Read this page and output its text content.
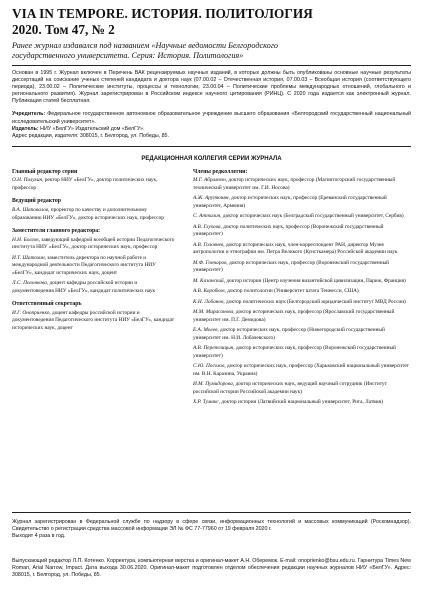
VIA IN TEMPORE. ИСТОРИЯ. ПОЛИТОЛОГИЯ
2020. Том 47, № 2

Ранее журнал издавался под названием «Научные ведомости Белгородского государственного университета. Серия: История. Политология»

Основан в 1995 г. Журнал включен в Перечень ВАК рецензируемых научных изданий, в которых должны быть опубликованы основные научные результаты диссертаций на соискание ученых степеней кандидата и доктора наук (07.00.02 – Отечественная история, 07.00.03 – Всеобщая история (соответствующего периода), 23.00.02 – Политические институты, процессы и технологии, 23.00.04 – Политические проблемы международных отношений, глобального и регионального развития). Журнал зарегистрирован в Российском индексе научного цитирования (РИНЦ). С 2020 года издается как электронный журнал. Публикация статей бесплатная.

Учредитель: Федеральное государственное автономное образовательное учреждение высшего образования «Белгородский государственный национальный исследовательский университет».

Издатель: НИУ «БелГУ» Издательский дом «БелГУ».

Адрес редакции, издателя: 308015, г. Белгород, ул. Победы, 85.

РЕДАКЦИОННАЯ КОЛЛЕГИЯ СЕРИИ ЖУРНАЛА
Главный редактор серии

О.Н. Полухин, ректор НИУ «БелГУ», доктор политических наук, профессор

Ведущий редактор

В.А. Шаповалов, проректор по качеству и дополнительному образованию НИУ «БелГУ», доктор исторических наук, профессор

Заместители главного редактора:

Н.Н. Болгов, заведующий кафедрой всеобщей истории Педагогического института НИУ «БелГУ», доктор исторических наук, профессор

И.Т. Шатохин, заместитель директора по научной работе и международной деятельности Педагогического института НИУ «БелГУ», кандидат исторических наук, доцент

Л.С. Полонкова, доцент кафедры российской истории и документоведения НИУ «БелГУ», кандидат политических наук

Ответственный секретарь

И.Г. Оноприенко, доцент кафедры российской истории и документоведения Педагогического института НИУ «БелГУ», кандидат исторических наук, доцент

Члены редколлегии:

М.Г. Абрамзон, доктор исторических наук, профессор (Магнитогорский государственный технический университет им. Г.И. Носова)

А.Ж. Арутюнян, доктор исторических наук, профессор (Ереванский государственный университет, Армения)

С. Атталич, доктор исторических наук (Белградский государственный университет, Сербия)

А.В. Глухова, доктор политических наук, профессор (Воронежский государственный университет)

А.В. Головнев, доктор исторических наук, член-корреспондент РАН, директор Музея антропологии и этнографии им. Петра Великого (Кунсткамера) Российской академии наук

М.Ф. Гончаров, доктор исторических наук, профессор (Воронежский государственный университет)

М. Казанский, доктор истории (Центр изучения византийской цивилизации, Париж, Франция)

А.В. Коробков, доктор политологии (Университет штата Теннесси, США)

К.Н. Лобанов, доктор политических наук (Белгородский юридический институт МВД России)

М.М. Мирасанова, доктор исторических наук, профессор (Ярославский государственный университет им. П.Г. Демидова)

Е.А. Молев, доктор исторических наук, профессор (Нижегородский государственный университет им. Н.И. Лобачевского)

А.В. Перепелицын, доктор исторических наук, профессор (Воронежский государственный университет)

С.Ю. Посохов, доктор исторических наук, профессор (Харьковский национальный университет им. В.Н. Каразина, Украина)

И.М. Пумидорова, доктор исторических наук, ведущий научный сотрудник (Институт российской истории Российской академии наук)

Х.Р. Тумакс, доктор истории (Латвийский национальный университет, Рига, Латвия)

Журнал зарегистрирован в Федеральной службе по надзору в сфере связи, информационных технологий и массовых коммуникаций (Роскомнадзор). Свидетельство о регистрации средства массовой информации ЭЛ № ФС 77-77960 от 19 февраля 2020 г.
Выходит 4 раза в год.

Выпускающий редактор Л.П. Котенко. Корректура, компьютерная верстка и оригинал-макет А.Н. Оберемок. E-mail: onoprienko@bsu.edu.ru. Гарнитура Times New Roman, Arial Narrow, Impact. Дата выхода 30.06.2020. Оригинал-макет подготовлен отделом обеспечения редакции научных журналов НИУ «БелГУ». Адрес: 308015, г. Белгород, ул. Победы, 85.
